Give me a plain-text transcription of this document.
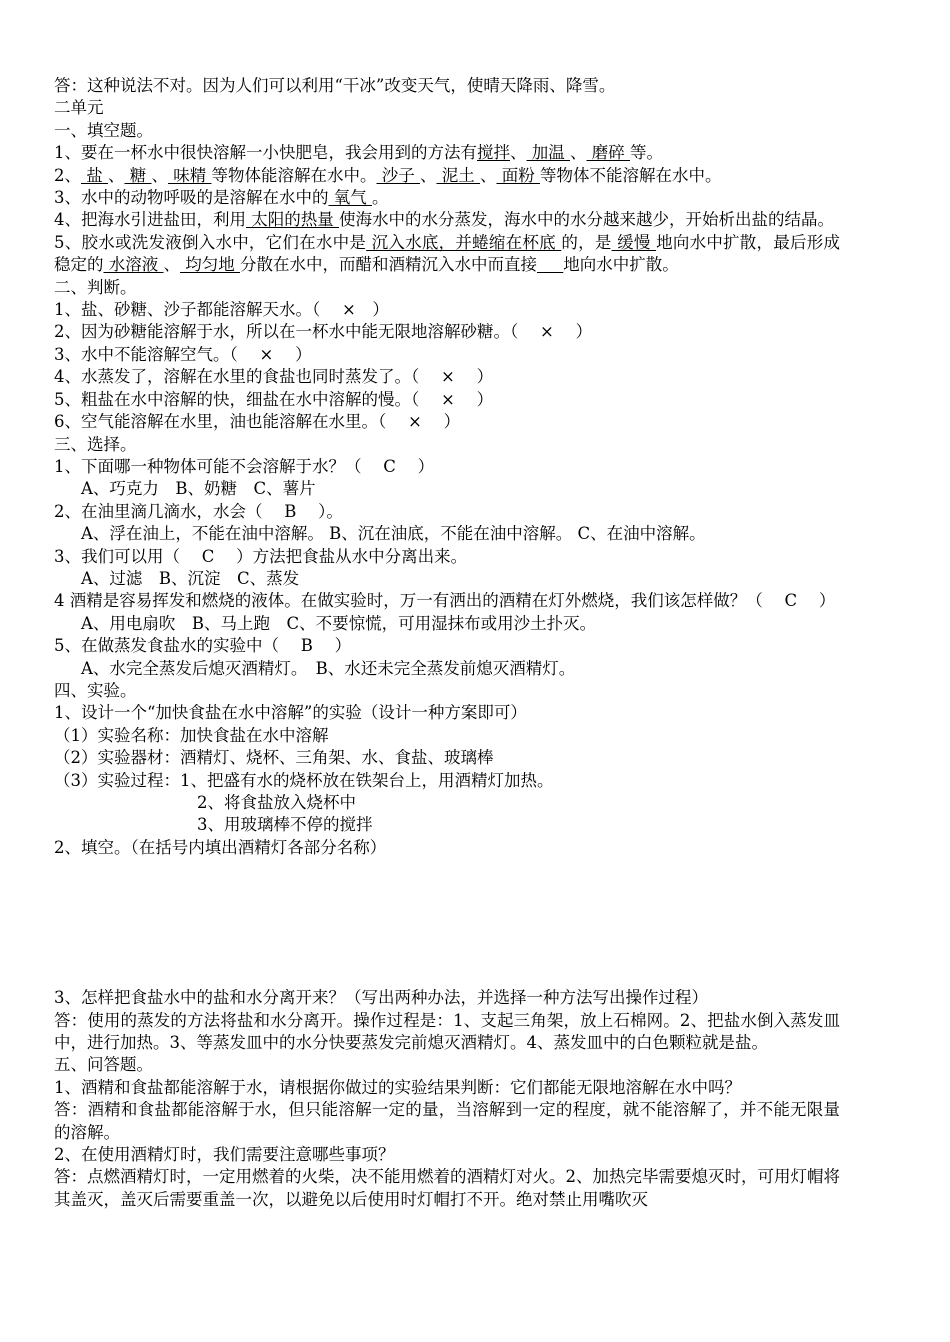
答：这种说法不对。因为人们可以利用“干冰”改变天气，使晴天降雨、降雪。
二单元
一、填空题。
1、要在一杯水中很快溶解一小快肥皂，我会用到的方法有搅拌、 加温 、 磨碎 等。
2、 盐 、 糖 、 味精 等物体能溶解在水中。 沙子 、 泥土 、 面粉 等物体不能溶解在水中。
3、水中的动物呼吸的是溶解在水中的 氧气 。
4、把海水引进盐田，利用 太阳的热量 使海水中的水分蒸发，海水中的水分越来越少，开始析出盐的结晶。
5、胶水或洗发液倒入水中，它们在水中是 沉入水底，并蜷缩在杯底 的，是 缓慢 地向水中扩散，最后形成稳定的 水溶液 、 均匀地 分散在水中，而醋和酒精沉入水中而直接 地向水中扩散。
二、判断。
1、盐、砂糖、沙子都能溶解天水。（　 ×　）
2、因为砂糖能溶解于水，所以在一杯水中能无限地溶解砂糖。（　 ×　 ）
3、水中不能溶解空气。（　 ×　 ）
4、水蒸发了，溶解在水里的食盐也同时蒸发了。（　 ×　 ）
5、粗盐在水中溶解的快，细盐在水中溶解的慢。（　 ×　 ）
6、空气能溶解在水里，油也能溶解在水里。（　 ×　 ）
三、选择。
1、下面哪一种物体可能不会溶解于水？（　 C　 ）
A、巧克力　B、奶糖　C、薯片
2、在油里滴几滴水，水会（　 B　 ）。
A、浮在油上，不能在油中溶解。 B、沉在油底，不能在油中溶解。 C、在油中溶解。
3、我们可以用（　 C　 ）方法把食盐从水中分离出来。
A、过滤　B、沉淀　C、蒸发
4 酒精是容易挥发和燃烧的液体。在做实验时，万一有洒出的酒精在灯外燃烧，我们该怎样做？（　 C　 ）
A、用电扇吹　B、马上跑　C、不要惊慌，可用湿抹布或用沙土扑灭。
5、在做蒸发食盐水的实验中（　 B　 ）
A、水完全蒸发后熄灭酒精灯。　B、水还未完全蒸发前熄灭酒精灯。
四、实验。
1、设计一个“加快食盐在水中溶解”的实验（设计一种方案即可）
（1）实验名称：加快食盐在水中溶解
（2）实验器材：酒精灯、烧杯、三角架、水、食盐、玻璃棒
（3）实验过程：1、把盛有水的烧杯放在铁架台上，用酒精灯加热。
2、将食盐放入烧杯中
3、用玻璃棒不停的搅拌
2、填空。（在括号内填出酒精灯各部分名称）
3、怎样把食盐水中的盐和水分离开来？（写出两种办法，并选择一种方法写出操作过程）
答：使用的蒸发的方法将盐和水分离开。操作过程是：1、支起三角架，放上石棉网。2、把盐水倒入蒸发皿中，进行加热。3、等蒸发皿中的水分快要蒸发完前熄灭酒精灯。4、蒸发皿中的白色颗粒就是盐。
五、问答题。
1、酒精和食盐都能溶解于水，请根据你做过的实验结果判断：它们都能无限地溶解在水中吗？
答：酒精和食盐都能溶解于水，但只能溶解一定的量，当溶解到一定的程度，就不能溶解了，并不能无限量的溶解。
2、在使用酒精灯时，我们需要注意哪些事项？
答：点燃酒精灯时，一定用燃着的火柴，决不能用燃着的酒精灯对火。2、加热完毕需要熄灭时，可用灯帽将其盖灭，盖灭后需要重盖一次，以避免以后使用时灯帽打不开。绝对禁止用嘴吹灭
